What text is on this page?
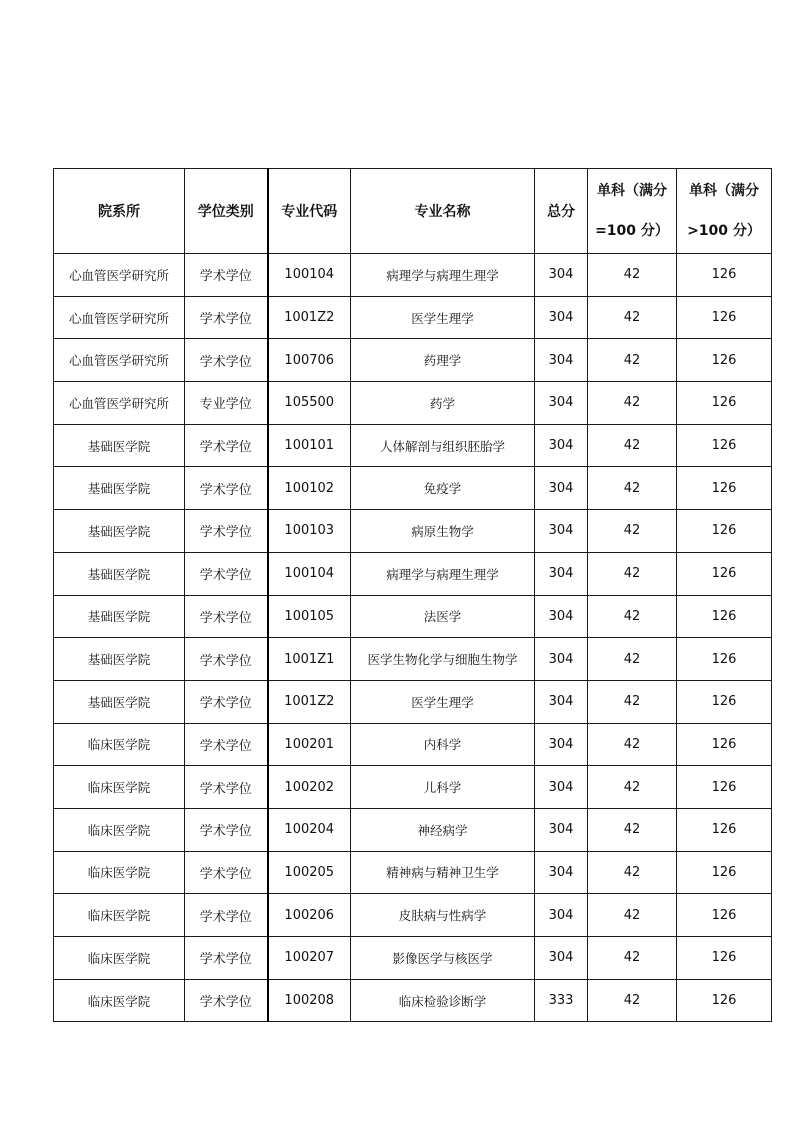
院系所	学位类别	专业代码	专业名称	总分	单科（满分=100 分）	单科（满分>100 分）
心血管医学研究所	学术学位	100104	病理学与病理生理学	304	42	126
心血管医学研究所	学术学位	1001Z2	医学生理学	304	42	126
心血管医学研究所	学术学位	100706	药理学	304	42	126
心血管医学研究所	专业学位	105500	药学	304	42	126
基础医学院	学术学位	100101	人体解剖与组织胚胎学	304	42	126
基础医学院	学术学位	100102	免疫学	304	42	126
基础医学院	学术学位	100103	病原生物学	304	42	126
基础医学院	学术学位	100104	病理学与病理生理学	304	42	126
基础医学院	学术学位	100105	法医学	304	42	126
基础医学院	学术学位	1001Z1	医学生物化学与细胞生物学	304	42	126
基础医学院	学术学位	1001Z2	医学生理学	304	42	126
临床医学院	学术学位	100201	内科学	304	42	126
临床医学院	学术学位	100202	儿科学	304	42	126
临床医学院	学术学位	100204	神经病学	304	42	126
临床医学院	学术学位	100205	精神病与精神卫生学	304	42	126
临床医学院	学术学位	100206	皮肤病与性病学	304	42	126
临床医学院	学术学位	100207	影像医学与核医学	304	42	126
临床医学院	学术学位	100208	临床检验诊断学	333	42	126
